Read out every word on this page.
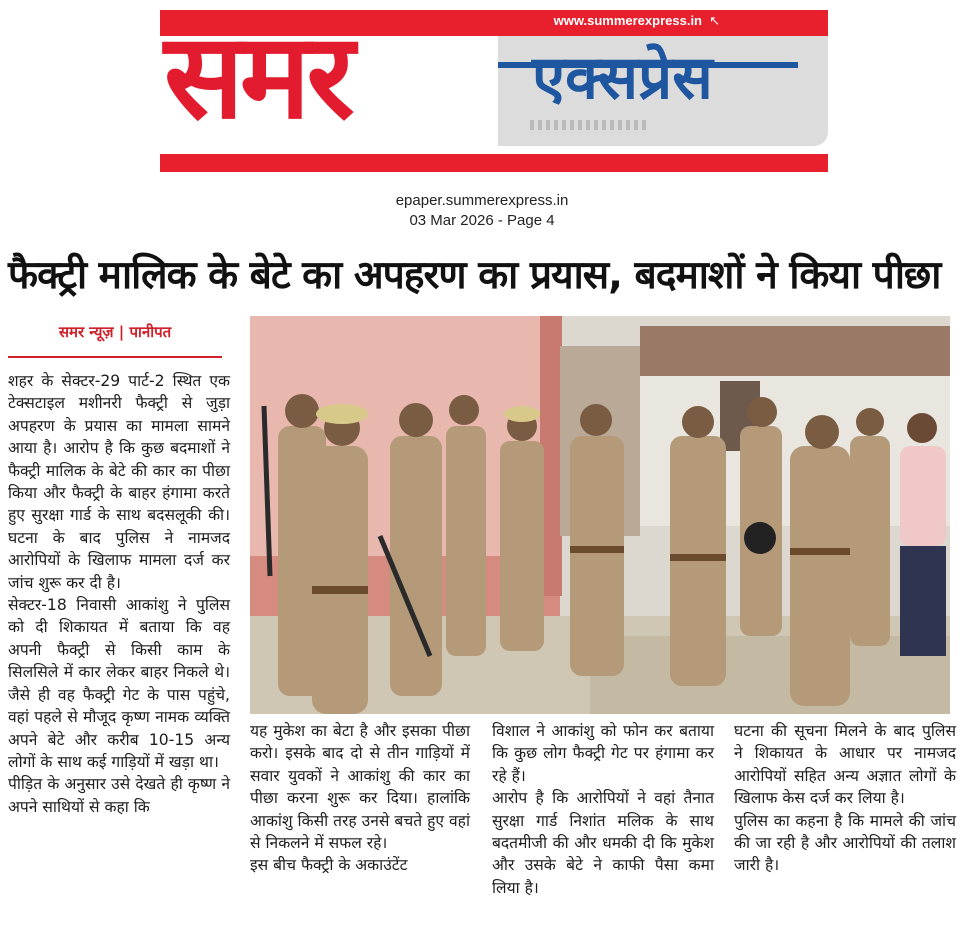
समर	एक्सप्रेस
www.summerexpress.in ↖
epaper.summerexpress.in
03 Mar 2026 - Page 4
फैक्ट्री मालिक के बेटे का अपहरण का प्रयास, बदमाशों ने किया पीछा
समर न्यूज़ | पानीपत

शहर के सेक्टर-29 पार्ट-2 स्थित एक टेक्सटाइल मशीनरी फैक्ट्री से जुड़ा अपहरण के प्रयास का मामला सामने आया है। आरोप है कि कुछ बदमाशों ने फैक्ट्री मालिक के बेटे की कार का पीछा किया और फैक्ट्री के बाहर हंगामा करते हुए सुरक्षा गार्ड के साथ बदसलूकी की। घटना के बाद पुलिस ने नामजद आरोपियों के खिलाफ मामला दर्ज कर जांच शुरू कर दी है।

सेक्टर-18 निवासी आकांशु ने पुलिस को दी शिकायत में बताया कि वह अपनी फैक्ट्री से किसी काम के सिलसिले में कार लेकर बाहर निकले थे। जैसे ही वह फैक्ट्री गेट के पास पहुंचे, वहां पहले से मौजूद कृष्ण नामक व्यक्ति अपने बेटे और करीब 10-15 अन्य लोगों के साथ कई गाड़ियों में खड़ा था।

पीड़ित के अनुसार उसे देखते ही कृष्ण ने अपने साथियों से कहा कि

यह मुकेश का बेटा है और इसका पीछा करो। इसके बाद दो से तीन गाड़ियों में सवार युवकों ने आकांशु की कार का पीछा करना शुरू कर दिया। हालांकि आकांशु किसी तरह उनसे बचते हुए वहां से निकलने में सफल रहे।

इस बीच फैक्ट्री के अकाउंटेंट

विशाल ने आकांशु को फोन कर बताया कि कुछ लोग फैक्ट्री गेट पर हंगामा कर रहे हैं।

आरोप है कि आरोपियों ने वहां तैनात सुरक्षा गार्ड निशांत मलिक के साथ बदतमीजी की और धमकी दी कि मुकेश और उसके बेटे ने काफी पैसा कमा लिया है।

घटना की सूचना मिलने के बाद पुलिस ने शिकायत के आधार पर नामजद आरोपियों सहित अन्य अज्ञात लोगों के खिलाफ केस दर्ज कर लिया है।

पुलिस का कहना है कि मामले की जांच की जा रही है और आरोपियों की तलाश जारी है।
